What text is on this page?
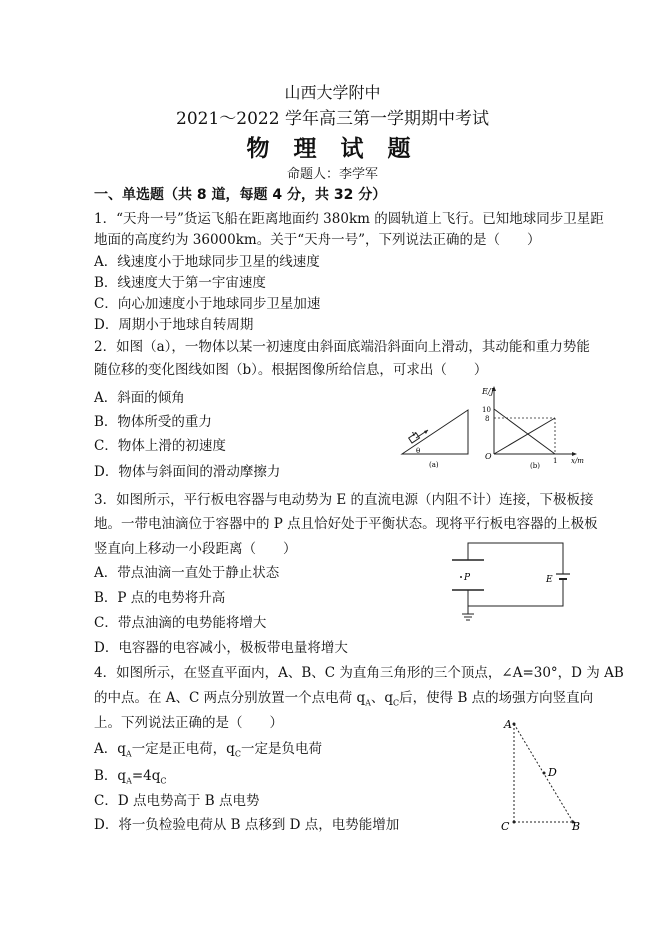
山西大学附中
2021～2022 学年高三第一学期期中考试
物 理 试 题
命题人：李学军
一、单选题（共 8 道，每题 4 分，共 32 分）
1．“天舟一号”货运飞船在距离地面约 380km 的圆轨道上飞行。已知地球同步卫星距
地面的高度约为 36000km。关于“天舟一号”，下列说法正确的是（　　）
A．线速度小于地球同步卫星的线速度
B．线速度大于第一宇宙速度
C．向心加速度小于地球同步卫星加速
D．周期小于地球自转周期
2．如图（a），一物体以某一初速度由斜面底端沿斜面向上滑动，其动能和重力势能
随位移的变化图线如图（b）。根据图像所给信息，可求出（　　）
A．斜面的倾角
B．物体所受的重力
C．物体上滑的初速度
D．物体与斜面间的滑动摩擦力
v
θ
(a)
E/J
10
8
O	1 x/m
(b)
3．如图所示，平行板电容器与电动势为 E 的直流电源（内阻不计）连接，下极板接
地。一带电油滴位于容器中的 P 点且恰好处于平衡状态。现将平行板电容器的上极板
竖直向上移动一小段距离（　　）
A．带点油滴一直处于静止状态
B．P 点的电势将升高
C．带点油滴的电势能将增大
D．电容器的电容减小，极板带电量将增大
P	E
4．如图所示，在竖直平面内，A、B、C 为直角三角形的三个顶点，∠A=30°，D 为 AB
的中点。在 A、C 两点分别放置一个点电荷 $q_A$、$q_C$后，使得 B 点的场强方向竖直向
上。下列说法正确的是（　　）
A．$q_A$一定是正电荷，$q_C$一定是负电荷
B．$q_A=4q_C$
C．D 点电势高于 B 点电势
D．将一负检验电荷从 B 点移到 D 点，电势能增加
A
C	B
D
